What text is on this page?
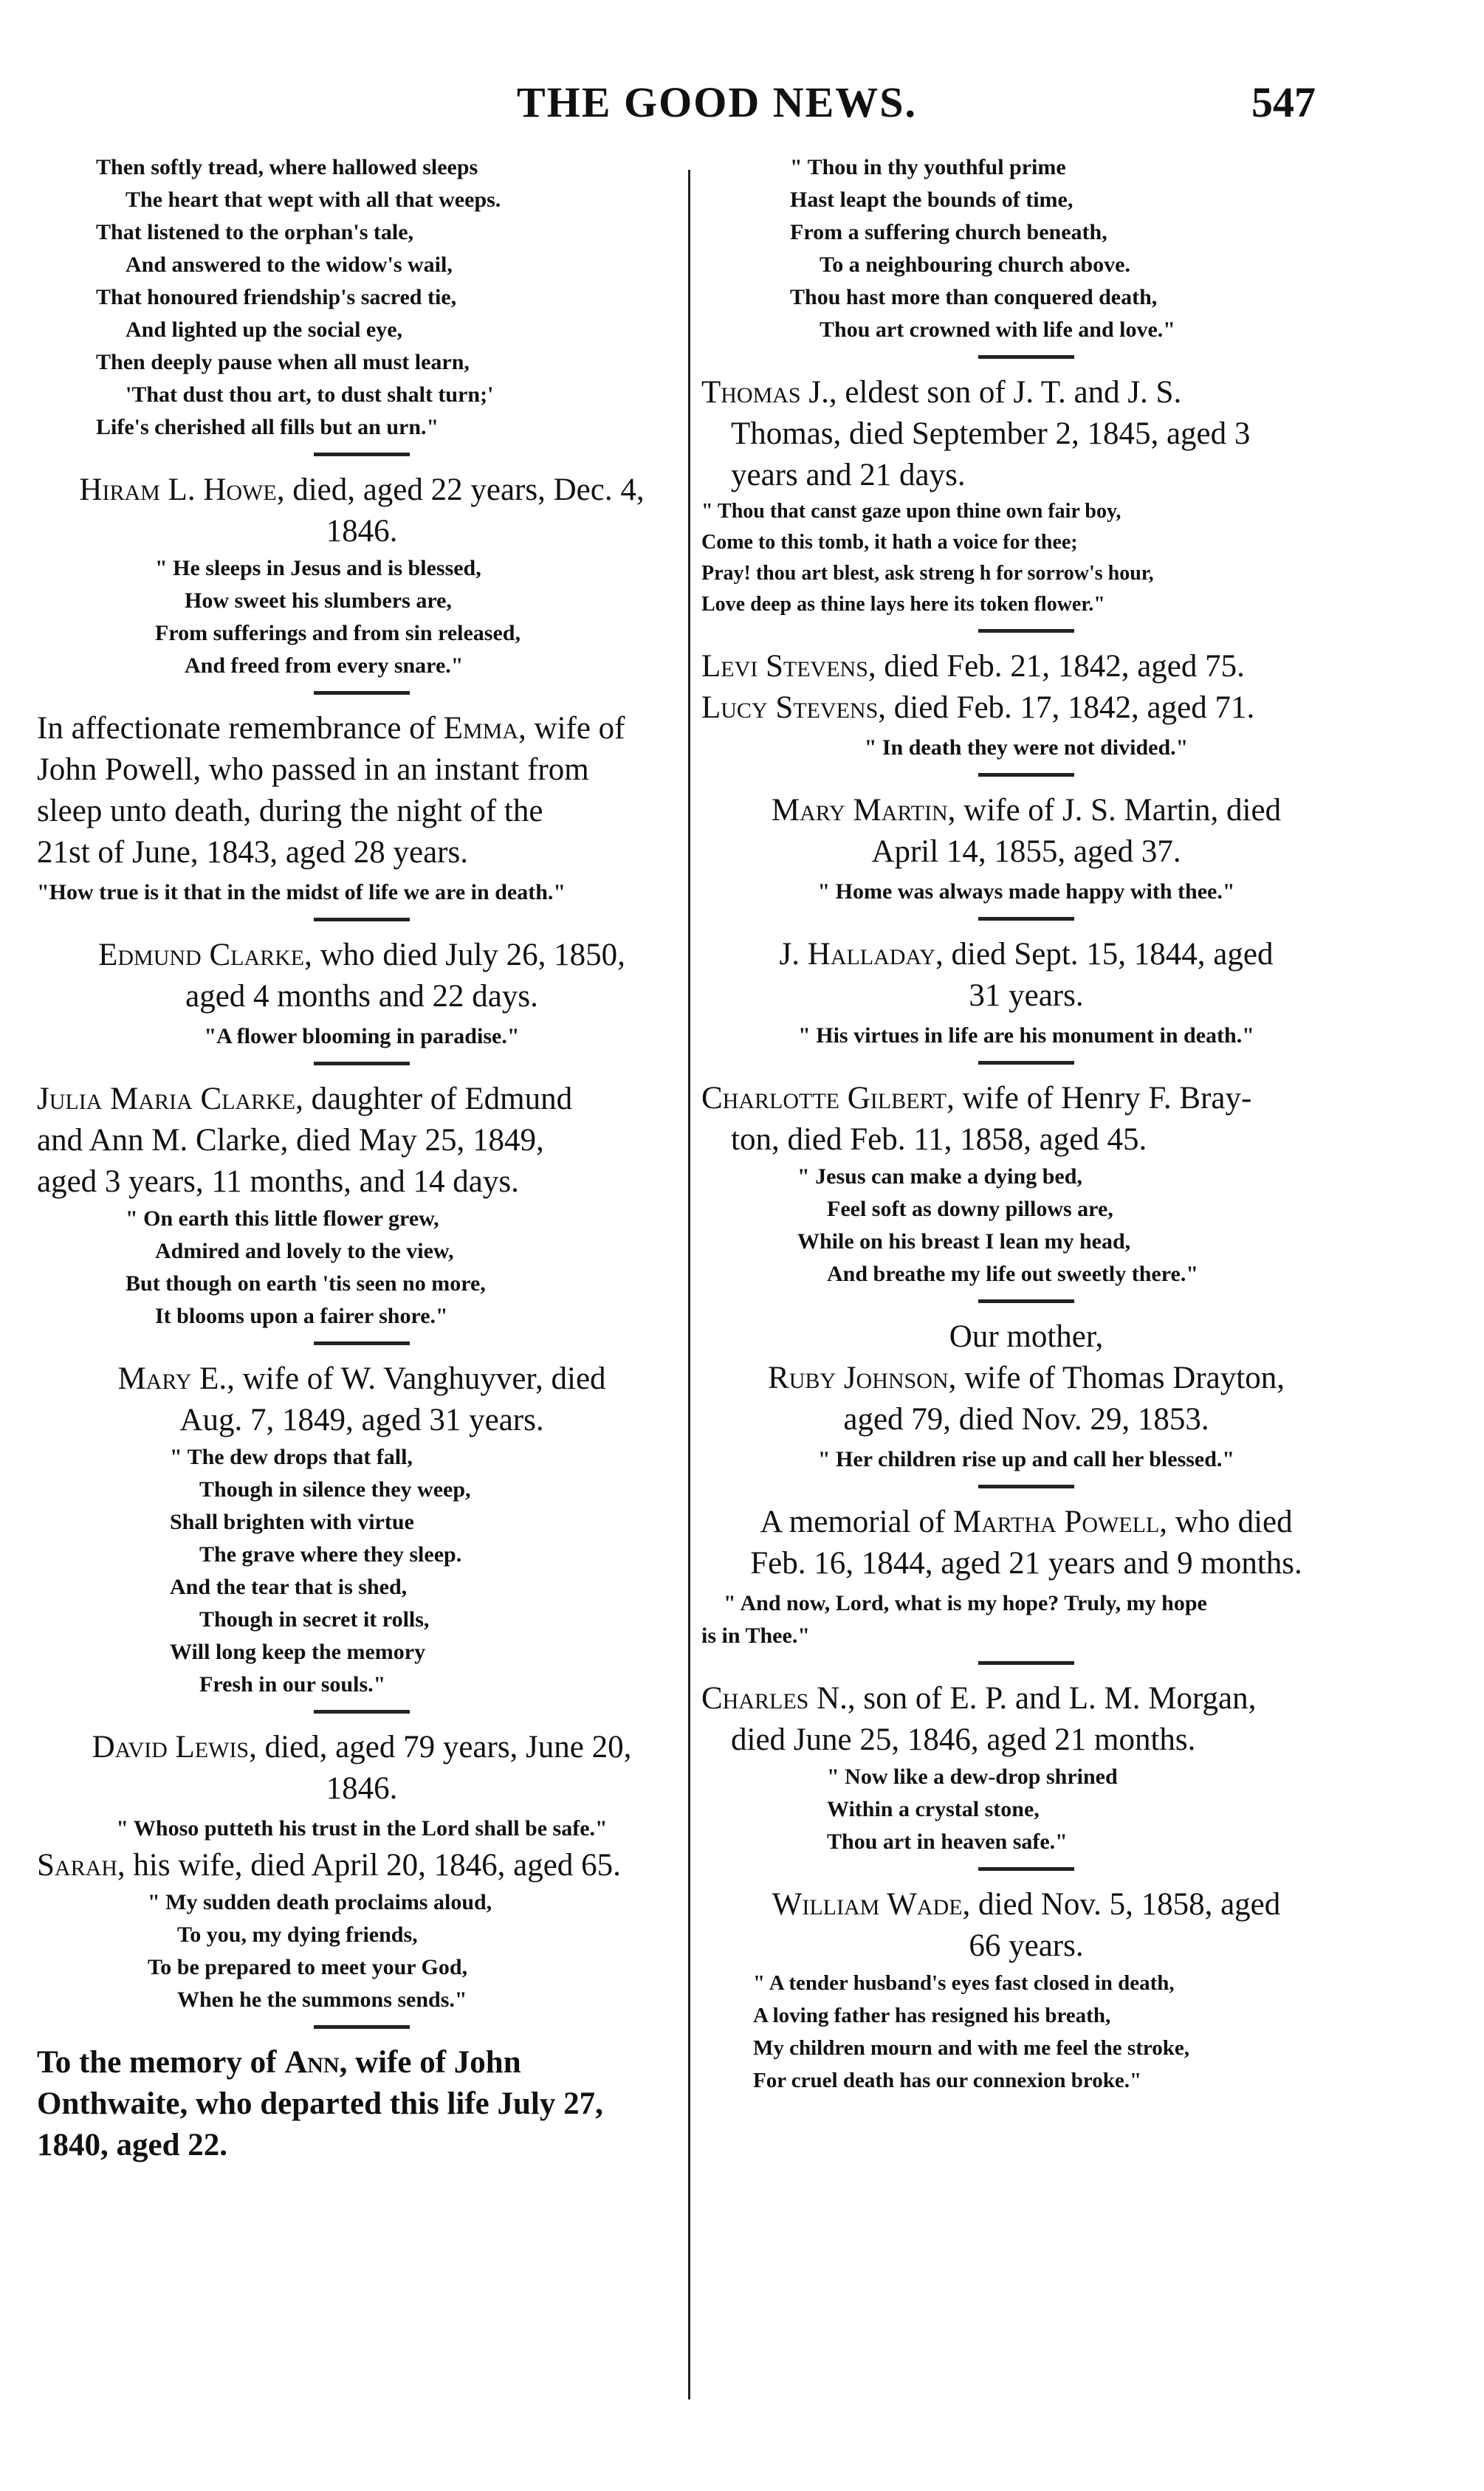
THE GOOD NEWS.	547
Then softly tread, where hallowed sleeps
The heart that wept with all that weeps.
That listened to the orphan's tale,
And answered to the widow's wail,
That honoured friendship's sacred tie,
And lighted up the social eye,
Then deeply pause when all must learn,
'That dust thou art, to dust shalt turn;'
Life's cherished all fills but an urn."

Hiram L. Howe, died, aged 22 years, Dec. 4,

1846.

" He sleeps in Jesus and is blessed,
How sweet his slumbers are,
From sufferings and from sin released,
And freed from every snare."

In affectionate remembrance of Emma, wife of

John Powell, who passed in an instant from

sleep unto death, during the night of the

21st of June, 1843, aged 28 years.

"How true is it that in the midst of life we are in death."

Edmund Clarke, who died July 26, 1850,

aged 4 months and 22 days.

"A flower blooming in paradise."

Julia Maria Clarke, daughter of Edmund

and Ann M. Clarke, died May 25, 1849,

aged 3 years, 11 months, and 14 days.

" On earth this little flower grew,
Admired and lovely to the view,
But though on earth 'tis seen no more,
It blooms upon a fairer shore."

Mary E., wife of W. Vanghuyver, died

Aug. 7, 1849, aged 31 years.

" The dew drops that fall,
Though in silence they weep,
Shall brighten with virtue
The grave where they sleep.
And the tear that is shed,
Though in secret it rolls,
Will long keep the memory
Fresh in our souls."

David Lewis, died, aged 79 years, June 20,

1846.

" Whoso putteth his trust in the Lord shall be safe."

Sarah, his wife, died April 20, 1846, aged 65.

" My sudden death proclaims aloud,
To you, my dying friends,
To be prepared to meet your God,
When he the summons sends."

To the memory of Ann, wife of John

Onthwaite, who departed this life July 27,

1840, aged 22.

" Thou in thy youthful prime
Hast leapt the bounds of time,
From a suffering church beneath,
To a neighbouring church above.
Thou hast more than conquered death,
Thou art crowned with life and love."

Thomas J., eldest son of J. T. and J. S.

Thomas, died September 2, 1845, aged 3

years and 21 days.

" Thou that canst gaze upon thine own fair boy,
Come to this tomb, it hath a voice for thee;
Pray! thou art blest, ask streng h for sorrow's hour,
Love deep as thine lays here its token flower."

Levi Stevens, died Feb. 21, 1842, aged 75.

Lucy Stevens, died Feb. 17, 1842, aged 71.

" In death they were not divided."

Mary Martin, wife of J. S. Martin, died

April 14, 1855, aged 37.

" Home was always made happy with thee."

J. Halladay, died Sept. 15, 1844, aged

31 years.

" His virtues in life are his monument in death."

Charlotte Gilbert, wife of Henry F. Bray-

ton, died Feb. 11, 1858, aged 45.

" Jesus can make a dying bed,
Feel soft as downy pillows are,
While on his breast I lean my head,
And breathe my life out sweetly there."

Our mother,

Ruby Johnson, wife of Thomas Drayton,

aged 79, died Nov. 29, 1853.

" Her children rise up and call her blessed."

A memorial of Martha Powell, who died

Feb. 16, 1844, aged 21 years and 9 months.

" And now, Lord, what is my hope? Truly, my hope

is in Thee."

Charles N., son of E. P. and L. M. Morgan,

died June 25, 1846, aged 21 months.

" Now like a dew-drop shrined
Within a crystal stone,
Thou art in heaven safe."

William Wade, died Nov. 5, 1858, aged

66 years.

" A tender husband's eyes fast closed in death,
A loving father has resigned his breath,
My children mourn and with me feel the stroke,
For cruel death has our connexion broke."
